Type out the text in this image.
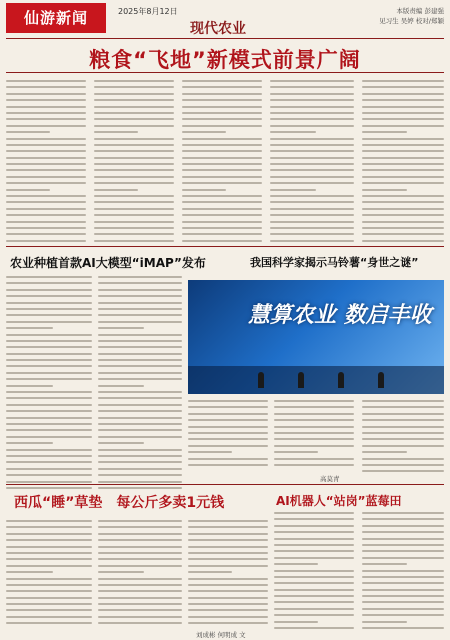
仙游新闻	2025年8月12日
现代农业
本版责编 彭建强
见习生 吴婷 校对/郑颖
粮食“飞地”新模式前景广阔
农业种植首款AI大模型“iMAP”发布
慧算农业 数启丰收
高莫青
我国科学家揭示马铃薯“身世之谜”
西瓜“睡”草垫　每公斤多卖1元钱
刘成彬 何明成 文
AI机器人“站岗”蓝莓田
